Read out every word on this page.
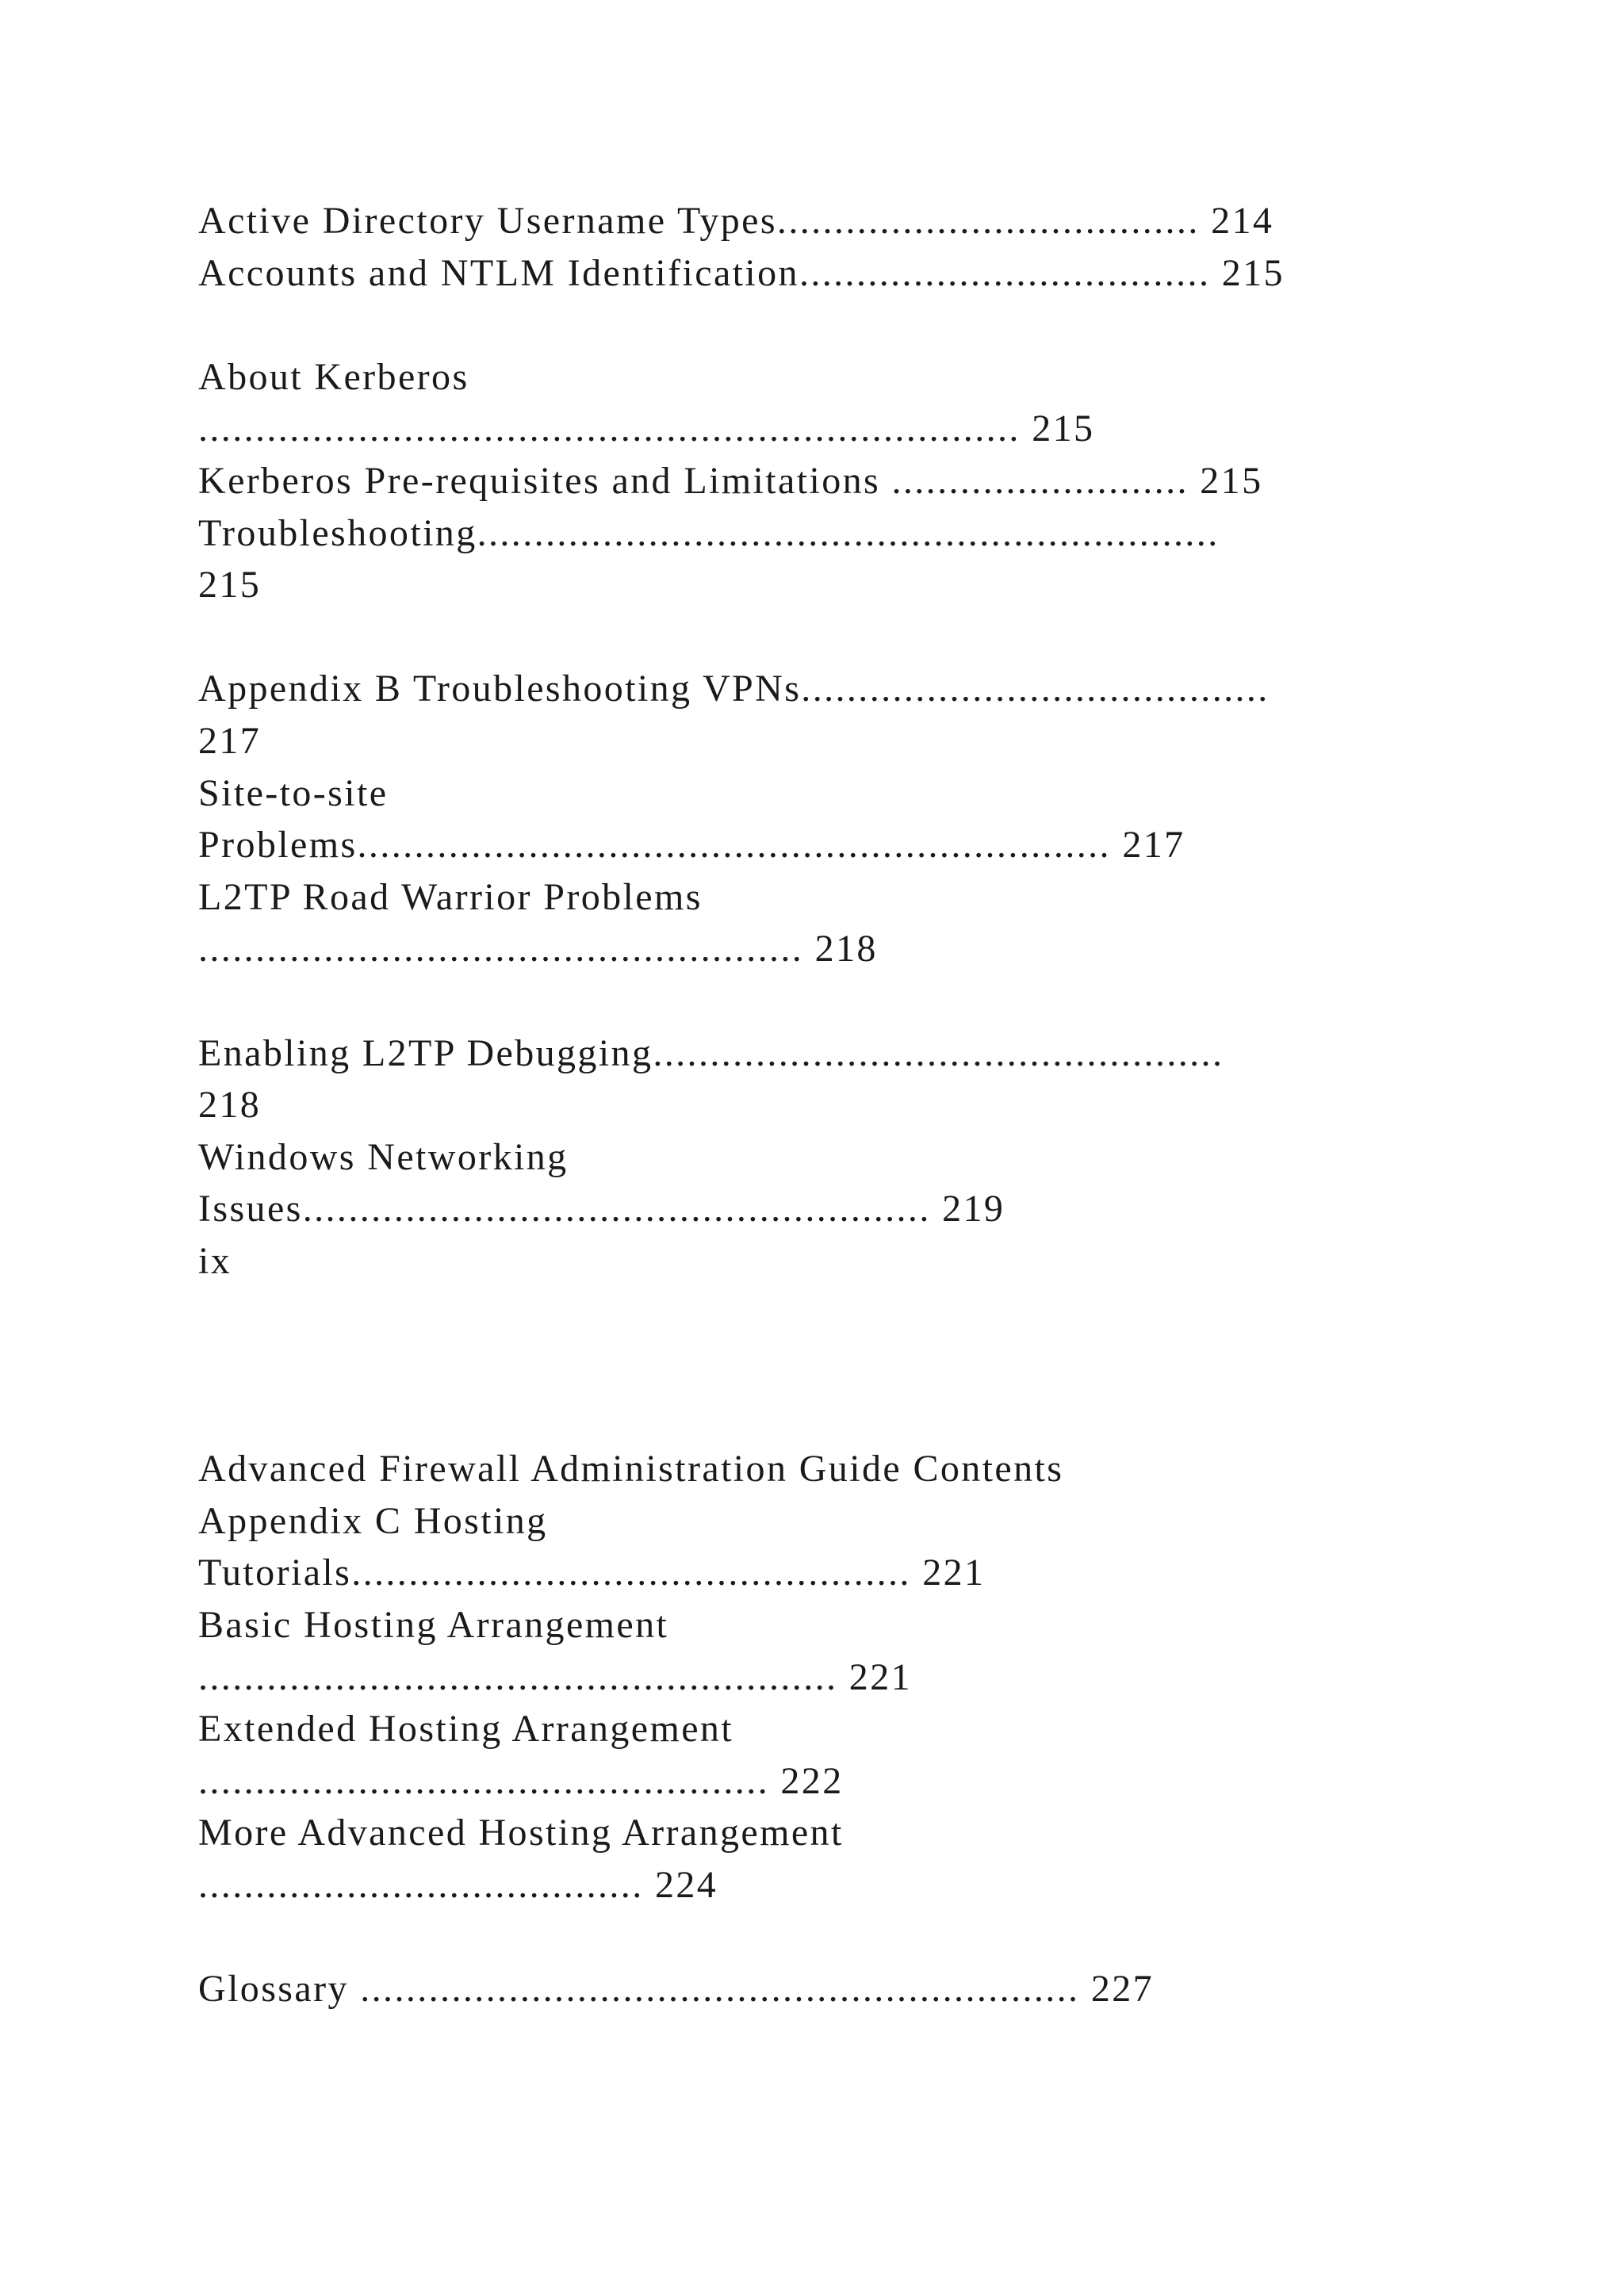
Active Directory Username Types..................................... 214
Accounts and NTLM Identification.................................... 215
About Kerberos
........................................................................ 215
Kerberos Pre-requisites and Limitations .......................... 215
Troubleshooting.................................................................
215
Appendix B Troubleshooting VPNs.........................................
217
Site-to-site
Problems.................................................................. 217
L2TP Road Warrior Problems
..................................................... 218
Enabling L2TP Debugging..................................................
218
Windows Networking
Issues....................................................... 219
ix
Advanced Firewall Administration Guide Contents
Appendix C Hosting
Tutorials................................................. 221
Basic Hosting Arrangement
........................................................ 221
Extended Hosting Arrangement
.................................................. 222
More Advanced Hosting Arrangement
....................................... 224
Glossary ............................................................... 227
